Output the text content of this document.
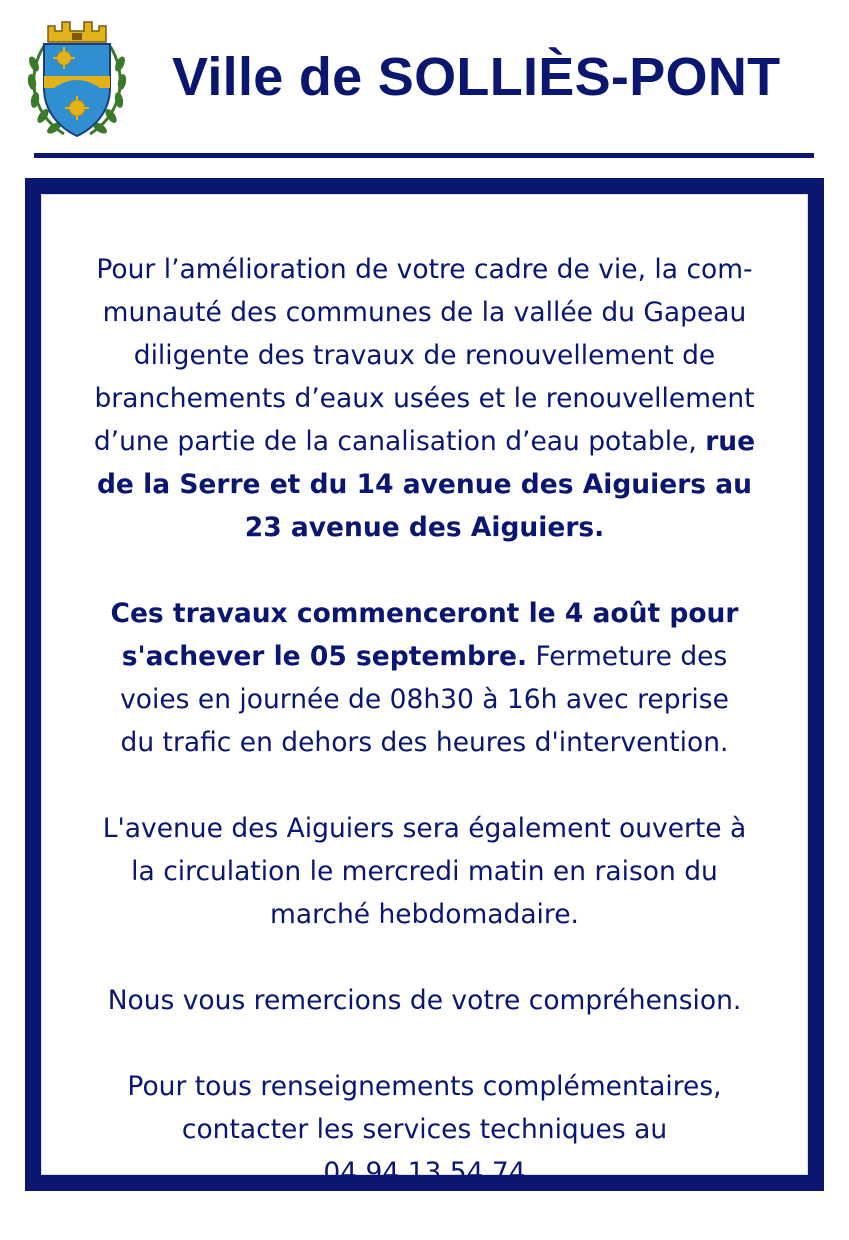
Ville de SOLLIÈS-PONT
Pour l’amélioration de votre cadre de vie, la com-
munauté des communes de la vallée du Gapeau
diligente des travaux de renouvellement de
branchements d’eaux usées et le renouvellement
d’une partie de la canalisation d’eau potable, rue
de la Serre et du 14 avenue des Aiguiers au
23 avenue des Aiguiers.
Ces travaux commenceront le 4 août pour
s'achever le 05 septembre. Fermeture des
voies en journée de 08h30 à 16h avec reprise
du trafic en dehors des heures d'intervention.
L'avenue des Aiguiers sera également ouverte à
la circulation le mercredi matin en raison du
marché hebdomadaire.
Nous vous remercions de votre compréhension.
Pour tous renseignements complémentaires,
contacter les services techniques au
04 94 13 54 74
